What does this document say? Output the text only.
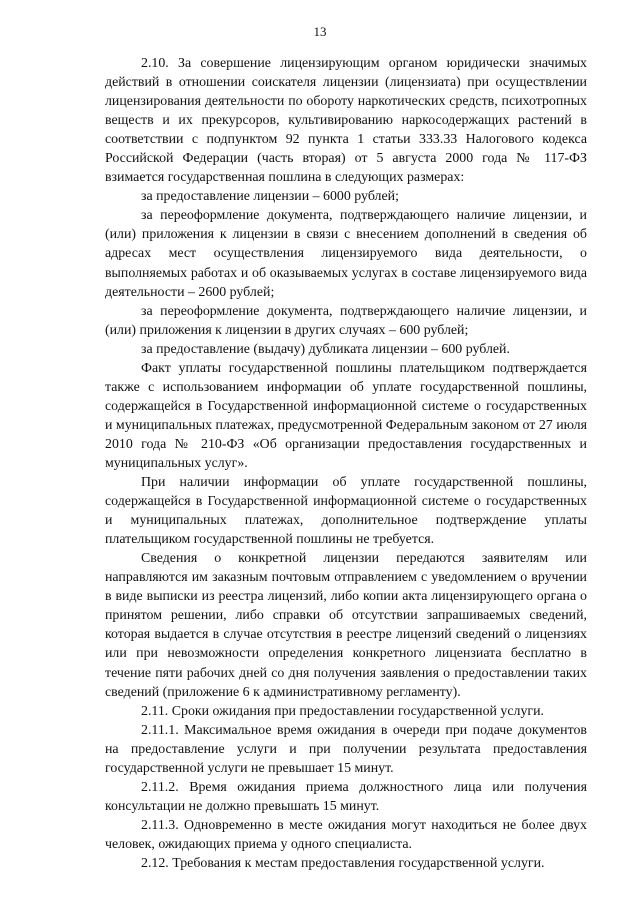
13

2.10. За совершение лицензирующим органом юридически значимых действий в отношении соискателя лицензии (лицензиата) при осуществлении лицензирования деятельности по обороту наркотических средств, психотропных веществ и их прекурсоров, культивированию наркосодержащих растений в соответствии с подпунктом 92 пункта 1 статьи 333.33 Налогового кодекса Российской Федерации (часть вторая) от 5 августа 2000 года № 117-ФЗ взимается государственная пошлина в следующих размерах:

за предоставление лицензии – 6000 рублей;

за переоформление документа, подтверждающего наличие лицензии, и (или) приложения к лицензии в связи с внесением дополнений в сведения об адресах мест осуществления лицензируемого вида деятельности, о выполняемых работах и об оказываемых услугах в составе лицензируемого вида деятельности – 2600 рублей;

за переоформление документа, подтверждающего наличие лицензии, и (или) приложения к лицензии в других случаях – 600 рублей;

за предоставление (выдачу) дубликата лицензии – 600 рублей.

Факт уплаты государственной пошлины плательщиком подтверждается также с использованием информации об уплате государственной пошлины, содержащейся в Государственной информационной системе о государственных и муниципальных платежах, предусмотренной Федеральным законом от 27 июля 2010 года № 210-ФЗ «Об организации предоставления государственных и муниципальных услуг».

При наличии информации об уплате государственной пошлины, содержащейся в Государственной информационной системе о государственных и муниципальных платежах, дополнительное подтверждение уплаты плательщиком государственной пошлины не требуется.

Сведения о конкретной лицензии передаются заявителям или направляются им заказным почтовым отправлением с уведомлением о вручении в виде выписки из реестра лицензий, либо копии акта лицензирующего органа о принятом решении, либо справки об отсутствии запрашиваемых сведений, которая выдается в случае отсутствия в реестре лицензий сведений о лицензиях или при невозможности определения конкретного лицензиата бесплатно в течение пяти рабочих дней со дня получения заявления о предоставлении таких сведений (приложение 6 к административному регламенту).

2.11. Сроки ожидания при предоставлении государственной услуги.

2.11.1. Максимальное время ожидания в очереди при подаче документов на предоставление услуги и при получении результата предоставления государственной услуги не превышает 15 минут.

2.11.2. Время ожидания приема должностного лица или получения консультации не должно превышать 15 минут.

2.11.3. Одновременно в месте ожидания могут находиться не более двух человек, ожидающих приема у одного специалиста.

2.12. Требования к местам предоставления государственной услуги.
